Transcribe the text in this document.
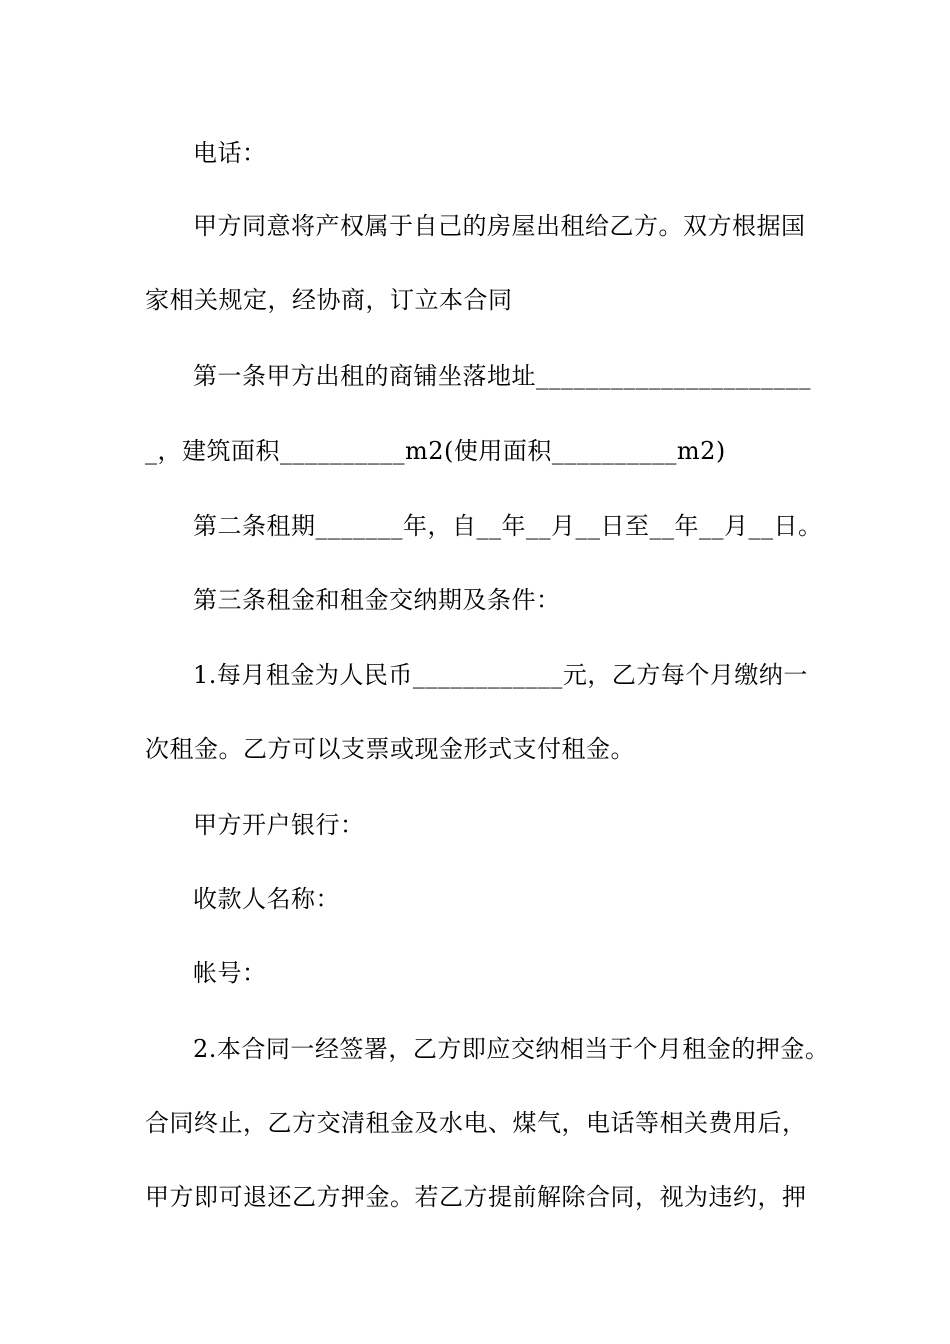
电话：
甲方同意将产权属于自己的房屋出租给乙方。双方根据国
家相关规定，经协商，订立本合同
第一条甲方出租的商铺坐落地址______________________
_，建筑面积__________m2(使用面积__________m2)
第二条租期_______年，自__年__月__日至__年__月__日。
第三条租金和租金交纳期及条件：
1.每月租金为人民币____________元，乙方每个月缴纳一
次租金。乙方可以支票或现金形式支付租金。
甲方开户银行：
收款人名称：
帐号：
2.本合同一经签署，乙方即应交纳相当于个月租金的押金。
合同终止，乙方交清租金及水电、煤气，电话等相关费用后，
甲方即可退还乙方押金。若乙方提前解除合同，视为违约，押
